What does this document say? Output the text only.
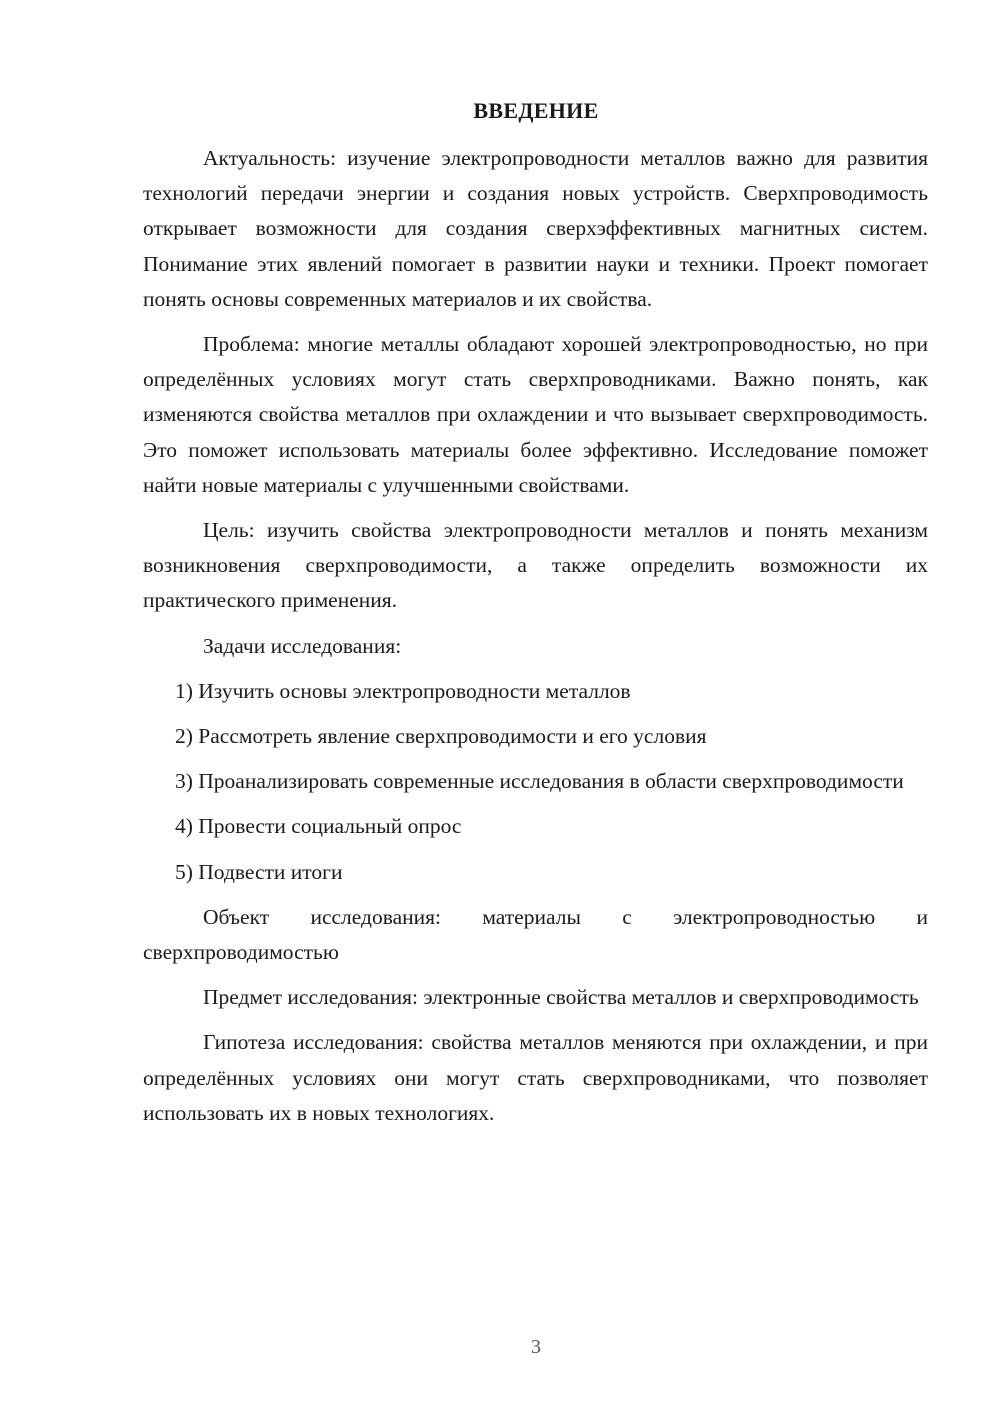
ВВЕДЕНИЕ

Актуальность: изучение электропроводности металлов важно для развития технологий передачи энергии и создания новых устройств. Сверхпроводимость открывает возможности для создания сверхэффективных магнитных систем. Понимание этих явлений помогает в развитии науки и техники. Проект помогает понять основы современных материалов и их свойства.

Проблема: многие металлы обладают хорошей электропроводностью, но при определённых условиях могут стать сверхпроводниками. Важно понять, как изменяются свойства металлов при охлаждении и что вызывает сверхпроводимость. Это поможет использовать материалы более эффективно. Исследование поможет найти новые материалы с улучшенными свойствами.

Цель: изучить свойства электропроводности металлов и понять механизм возникновения сверхпроводимости, а также определить возможности их практического применения.

Задачи исследования:

1) Изучить основы электропроводности металлов

2) Рассмотреть явление сверхпроводимости и его условия

3) Проанализировать современные исследования в области сверхпроводимости

4) Провести социальный опрос

5) Подвести итоги

Объект исследования: материалы с электропроводностью и сверхпроводимостью

Предмет исследования: электронные свойства металлов и сверхпроводимость

Гипотеза исследования: свойства металлов меняются при охлаждении, и при определённых условиях они могут стать сверхпроводниками, что позволяет использовать их в новых технологиях.

3
